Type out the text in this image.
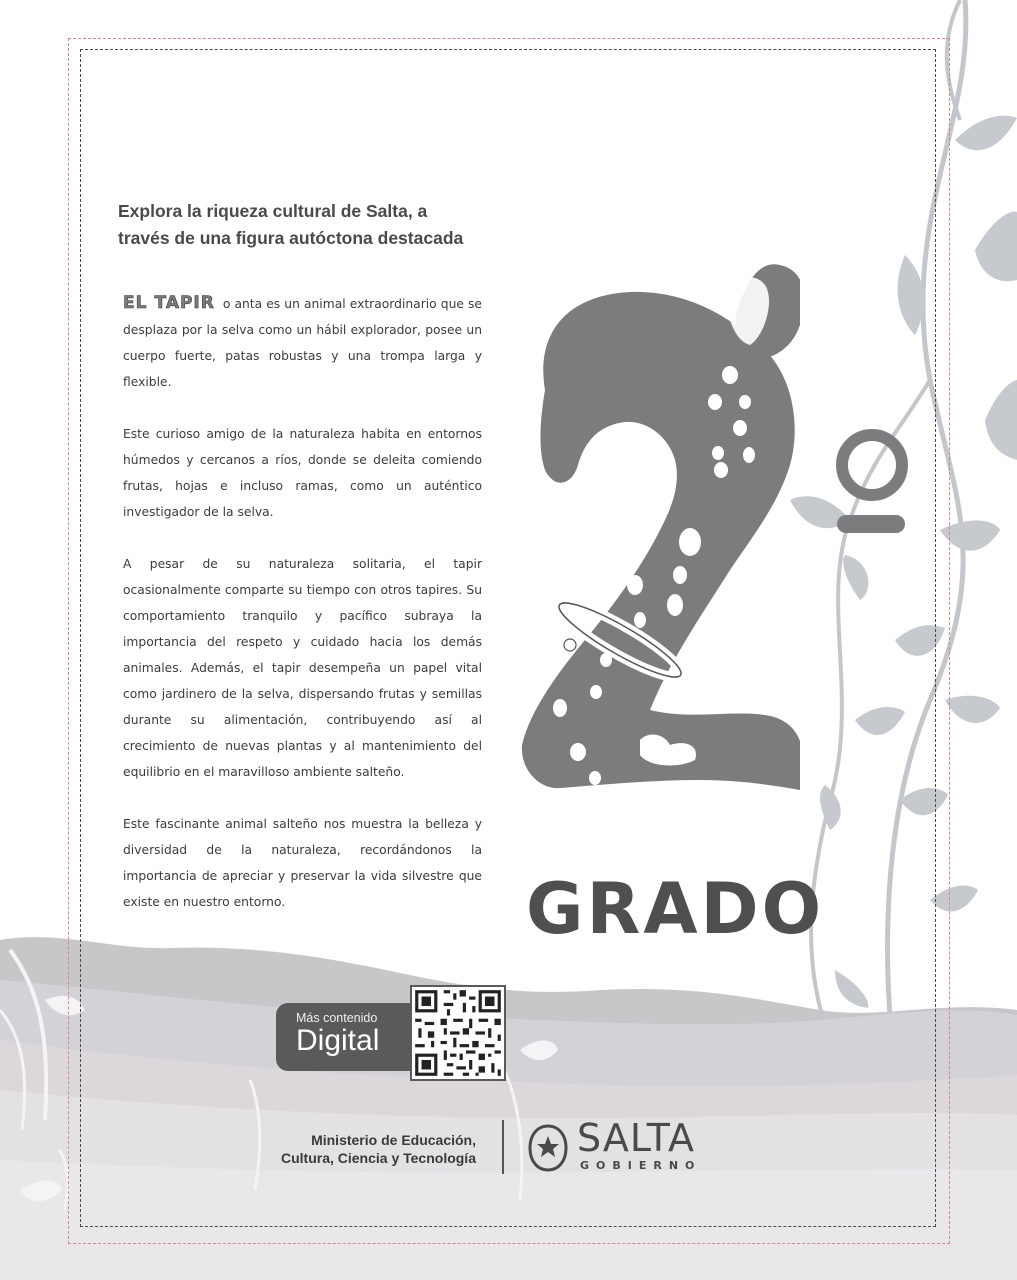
Explora la riqueza cultural de Salta, a
través de una figura autóctona destacada

EL TAPIR o anta es un animal extraordinario que se desplaza por la selva como un hábil explorador, posee un cuerpo fuerte, patas robustas y una trompa larga y flexible.

Este curioso amigo de la naturaleza habita en entornos húmedos y cercanos a ríos, donde se deleita comiendo frutas, hojas e incluso ramas, como un auténtico investigador de la selva.

A pesar de su naturaleza solitaria, el tapir ocasionalmente comparte su tiempo con otros tapires. Su comportamiento tranquilo y pacífico subraya la importancia del respeto y cuidado hacia los demás animales. Además, el tapir desempeña un papel vital como jardinero de la selva, dispersando frutas y semillas durante su alimentación, contribuyendo así al crecimiento de nuevas plantas y al mantenimiento del equilibrio en el maravilloso ambiente salteño.

Este fascinante animal salteño nos muestra la belleza y diversidad de la naturaleza, recordándonos la importancia de apreciar y preservar la vida silvestre que existe en nuestro entorno.	GRADO
Más contenido
Digital
Ministerio de Educación,
Cultura, Ciencia y Tecnología	SALTA
GOBIERNO
